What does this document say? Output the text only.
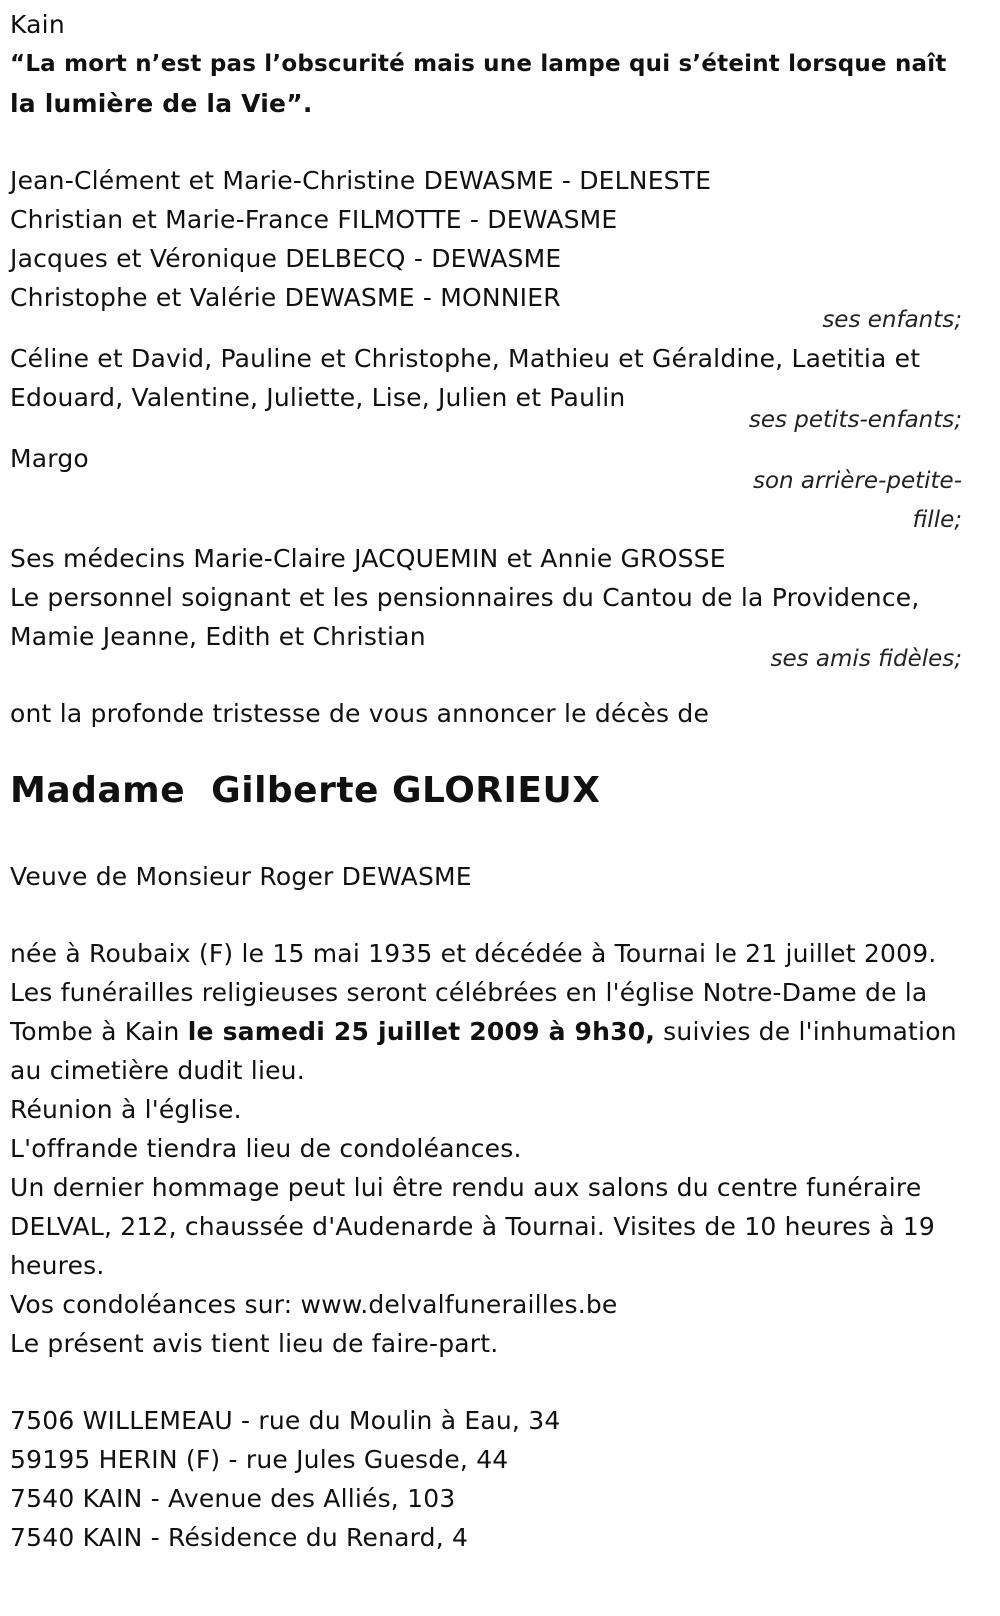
Kain
“La mort n’est pas l’obscurité mais une lampe qui s’éteint lorsque naît
la lumière de la Vie”.
Jean-Clément et Marie-Christine DEWASME - DELNESTE
Christian et Marie-France FILMOTTE - DEWASME
Jacques et Véronique DELBECQ - DEWASME
Christophe et Valérie DEWASME - MONNIER
ses enfants;
Céline et David, Pauline et Christophe, Mathieu et Géraldine, Laetitia et
Edouard, Valentine, Juliette, Lise, Julien et Paulin
ses petits-enfants;
Margo
son arrière-petite-
fille;
Ses médecins Marie-Claire JACQUEMIN et Annie GROSSE
Le personnel soignant et les pensionnaires du Cantou de la Providence,
Mamie Jeanne, Edith et Christian
ses amis fidèles;
ont la profonde tristesse de vous annoncer le décès de
Madame  Gilberte GLORIEUX
Veuve de Monsieur Roger DEWASME
née à Roubaix (F) le 15 mai 1935 et décédée à Tournai le 21 juillet 2009.
Les funérailles religieuses seront célébrées en l'église Notre-Dame de la
Tombe à Kain le samedi 25 juillet 2009 à 9h30, suivies de l'inhumation
au cimetière dudit lieu.
Réunion à l'église.
L'offrande tiendra lieu de condoléances.
Un dernier hommage peut lui être rendu aux salons du centre funéraire
DELVAL, 212, chaussée d'Audenarde à Tournai. Visites de 10 heures à 19
heures.
Vos condoléances sur: www.delvalfunerailles.be
Le présent avis tient lieu de faire-part.
7506 WILLEMEAU - rue du Moulin à Eau, 34
59195 HERIN (F) - rue Jules Guesde, 44
7540 KAIN - Avenue des Alliés, 103
7540 KAIN - Résidence du Renard, 4
